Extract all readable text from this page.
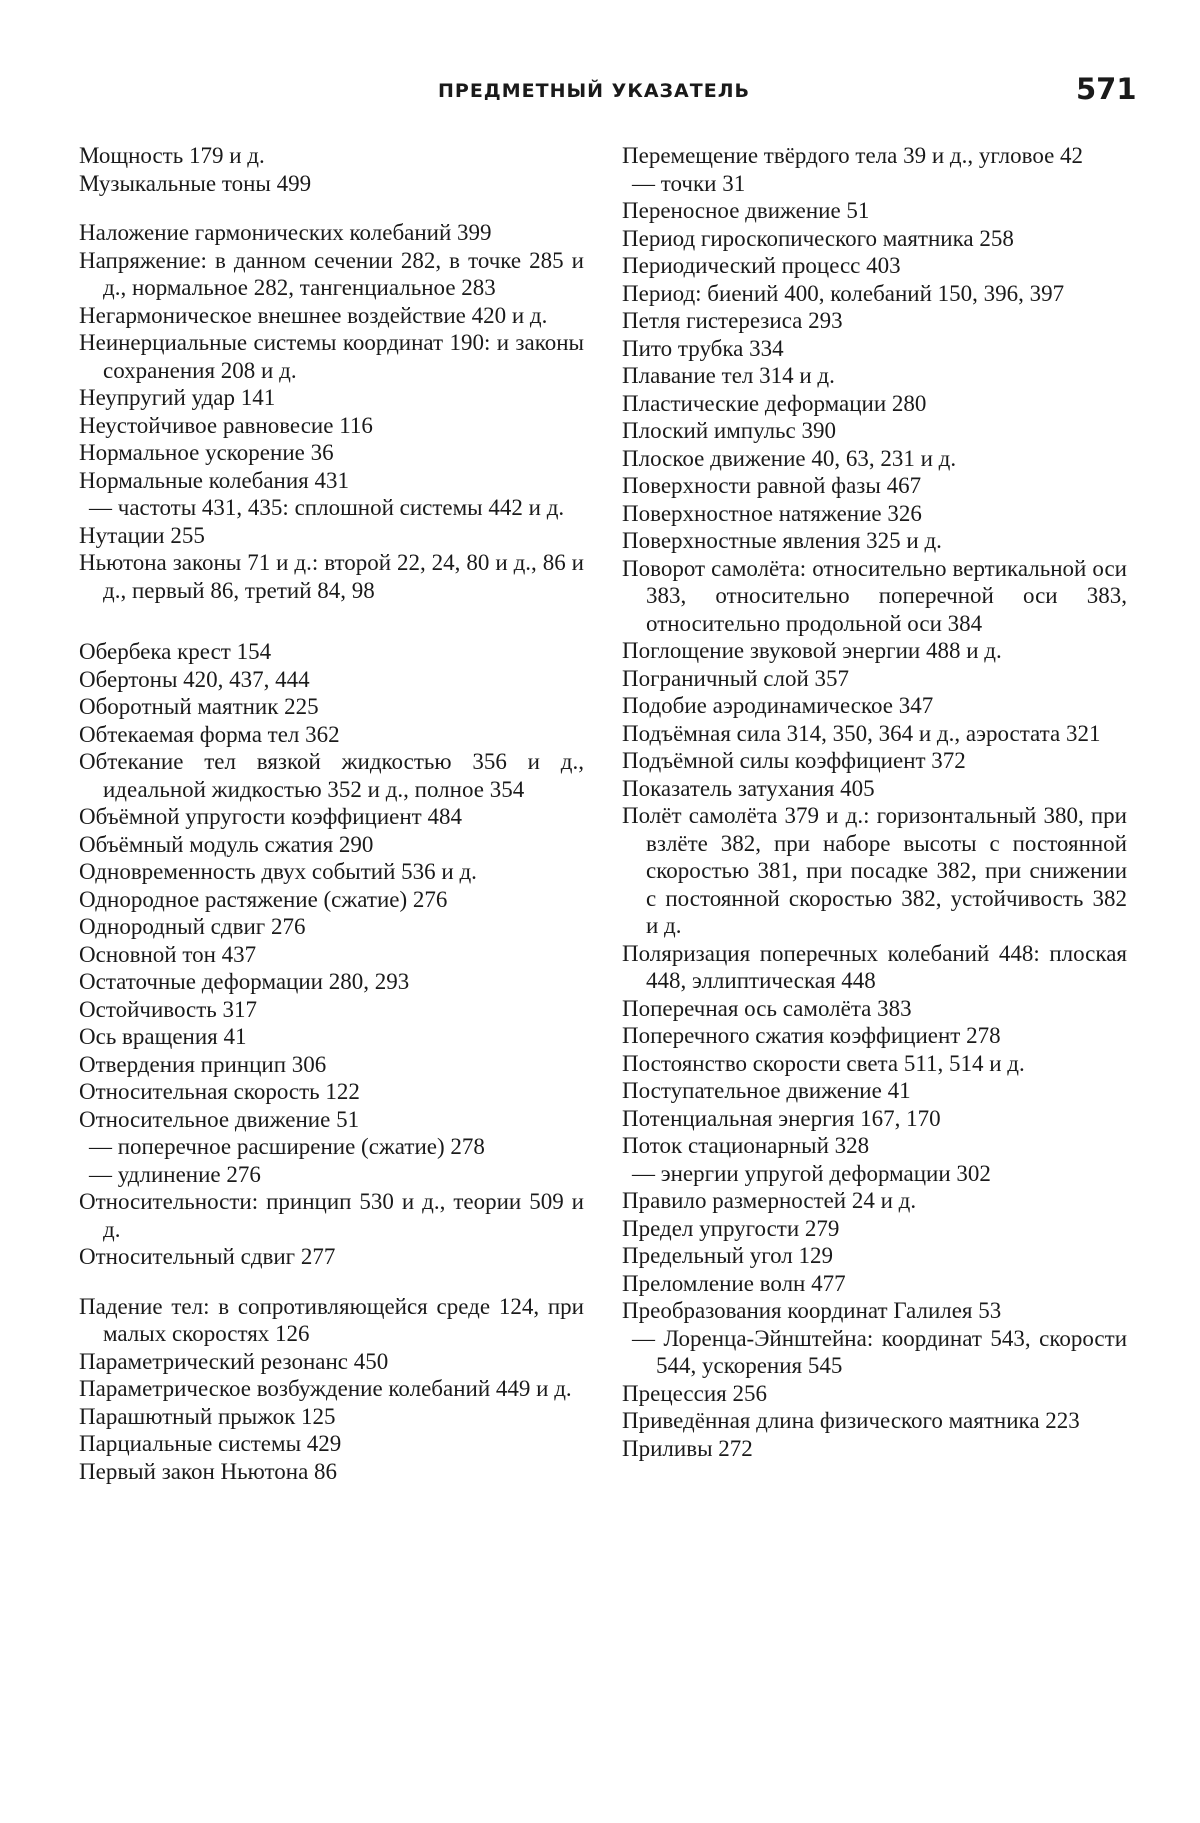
ПРЕДМЕТНЫЙ УКАЗАТЕЛЬ	571
Мощность 179 и д.
Музыкальные тоны 499
Наложение гармонических колебаний 399
Напряжение: в данном сечении 282, в точке 285 и д., нормальное 282, тангенциальное 283
Негармоническое внешнее воздействие 420 и д.
Неинерциальные системы координат 190: и законы сохранения 208 и д.
Неупругий удар 141
Неустойчивое равновесие 116
Нормальное ускорение 36
Нормальные колебания 431
— частоты 431, 435: сплошной системы 442 и д.
Нутации 255
Ньютона законы 71 и д.: второй 22, 24, 80 и д., 86 и д., первый 86, третий 84, 98
Обербека крест 154
Обертоны 420, 437, 444
Оборотный маятник 225
Обтекаемая форма тел 362
Обтекание тел вязкой жидкостью 356 и д., идеальной жидкостью 352 и д., полное 354
Объёмной упругости коэффициент 484
Объёмный модуль сжатия 290
Одновременность двух событий 536 и д.
Однородное растяжение (сжатие) 276
Однородный сдвиг 276
Основной тон 437
Остаточные деформации 280, 293
Остойчивость 317
Ось вращения 41
Отвердения принцип 306
Относительная скорость 122
Относительное движение 51
— поперечное расширение (сжатие) 278
— удлинение 276
Относительности: принцип 530 и д., теории 509 и д.
Относительный сдвиг 277
Падение тел: в сопротивляющейся среде 124, при малых скоростях 126
Параметрический резонанс 450
Параметрическое возбуждение колебаний 449 и д.
Парашютный прыжок 125
Парциальные системы 429
Первый закон Ньютона 86
Перемещение твёрдого тела 39 и д., угловое 42
— точки 31
Переносное движение 51
Период гироскопического маятника 258
Периодический процесс 403
Период: биений 400, колебаний 150, 396, 397
Петля гистерезиса 293
Пито трубка 334
Плавание тел 314 и д.
Пластические деформации 280
Плоский импульс 390
Плоское движение 40, 63, 231 и д.
Поверхности равной фазы 467
Поверхностное натяжение 326
Поверхностные явления 325 и д.
Поворот самолёта: относительно вертикальной оси 383, относительно поперечной оси 383, относительно продольной оси 384
Поглощение звуковой энергии 488 и д.
Пограничный слой 357
Подобие аэродинамическое 347
Подъёмная сила 314, 350, 364 и д., аэростата 321
Подъёмной силы коэффициент 372
Показатель затухания 405
Полёт самолёта 379 и д.: горизонтальный 380, при взлёте 382, при наборе высоты с постоянной скоростью 381, при посадке 382, при снижении с постоянной скоростью 382, устойчивость 382 и д.
Поляризация поперечных колебаний 448: плоская 448, эллиптическая 448
Поперечная ось самолёта 383
Поперечного сжатия коэффициент 278
Постоянство скорости света 511, 514 и д.
Поступательное движение 41
Потенциальная энергия 167, 170
Поток стационарный 328
— энергии упругой деформации 302
Правило размерностей 24 и д.
Предел упругости 279
Предельный угол 129
Преломление волн 477
Преобразования координат Галилея 53
— Лоренца-Эйнштейна: координат 543, скорости 544, ускорения 545
Прецессия 256
Приведённая длина физического маятника 223
Приливы 272
